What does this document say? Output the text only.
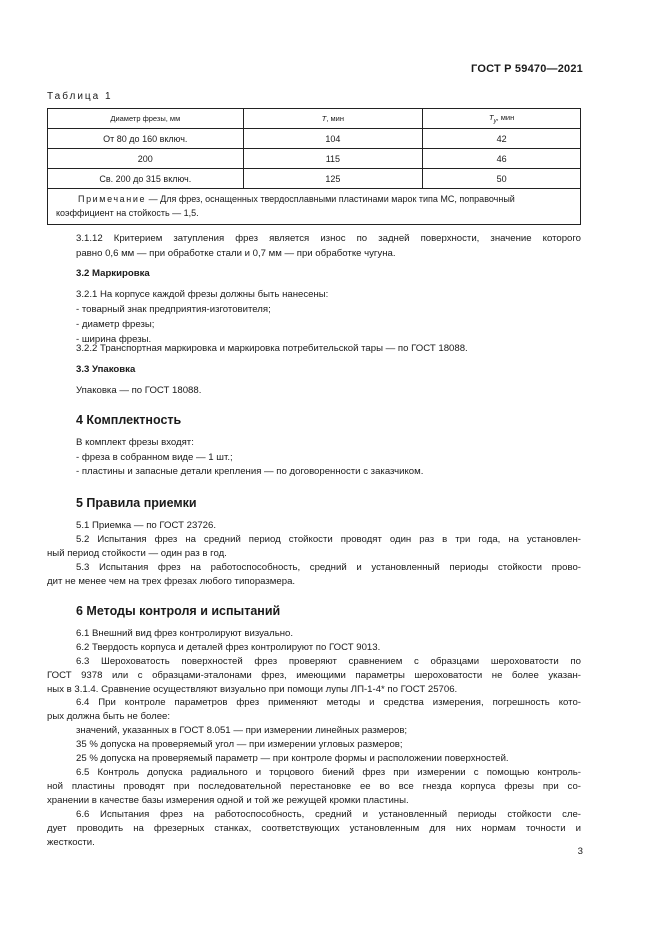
ГОСТ Р 59470—2021
Таблица 1
Диаметр фрезы, мм	T, мин	$T_у$, мин
От 80 до 160 включ.	104	42
200	115	46
Св. 200 до 315 включ.	125	50
Примечание — Для фрез, оснащенных твердосплавными пластинами марок типа МС, поправочный
коэффициент на стойкость — 1,5.		
3.1.12 Критерием затупления фрез является износ по задней поверхности, значение которого
равно 0,6 мм — при обработке стали и 0,7 мм — при обработке чугуна.
3.2 Маркировка
3.2.1 На корпусе каждой фрезы должны быть нанесены:
- товарный знак предприятия-изготовителя;
- диаметр фрезы;
- ширина фрезы.
3.2.2 Транспортная маркировка и маркировка потребительской тары — по ГОСТ 18088.
3.3 Упаковка
Упаковка — по ГОСТ 18088.
4 Комплектность
В комплект фрезы входят:
- фреза в собранном виде — 1 шт.;
- пластины и запасные детали крепления — по договоренности с заказчиком.
5 Правила приемки
5.1 Приемка — по ГОСТ 23726.
5.2 Испытания фрез на средний период стойкости проводят один раз в три года, на установлен-
ный период стойкости — один раз в год.
5.3 Испытания фрез на работоспособность, средний и установленный периоды стойкости прово-
дит не менее чем на трех фрезах любого типоразмера.
6 Методы контроля и испытаний
6.1 Внешний вид фрез контролируют визуально.
6.2 Твердость корпуса и деталей фрез контролируют по ГОСТ 9013.
6.3 Шероховатость поверхностей фрез проверяют сравнением с образцами шероховатости по
ГОСТ 9378 или с образцами-эталонами фрез, имеющими параметры шероховатости не более указан-
ных в 3.1.4. Сравнение осуществляют визуально при помощи лупы ЛП-1-4* по ГОСТ 25706.
6.4 При контроле параметров фрез применяют методы и средства измерения, погрешность кото-
рых должна быть не более:
значений, указанных в ГОСТ 8.051 — при измерении линейных размеров;
35 % допуска на проверяемый угол — при измерении угловых размеров;
25 % допуска на проверяемый параметр — при контроле формы и расположении поверхностей.
6.5 Контроль допуска радиального и торцового биений фрез при измерении с помощью контроль-
ной пластины проводят при последовательной перестановке ее во все гнезда корпуса фрезы при со-
хранении в качестве базы измерения одной и той же режущей кромки пластины.
6.6 Испытания фрез на работоспособность, средний и установленный периоды стойкости сле-
дует проводить на фрезерных станках, соответствующих установленным для них нормам точности и
жесткости.
3
